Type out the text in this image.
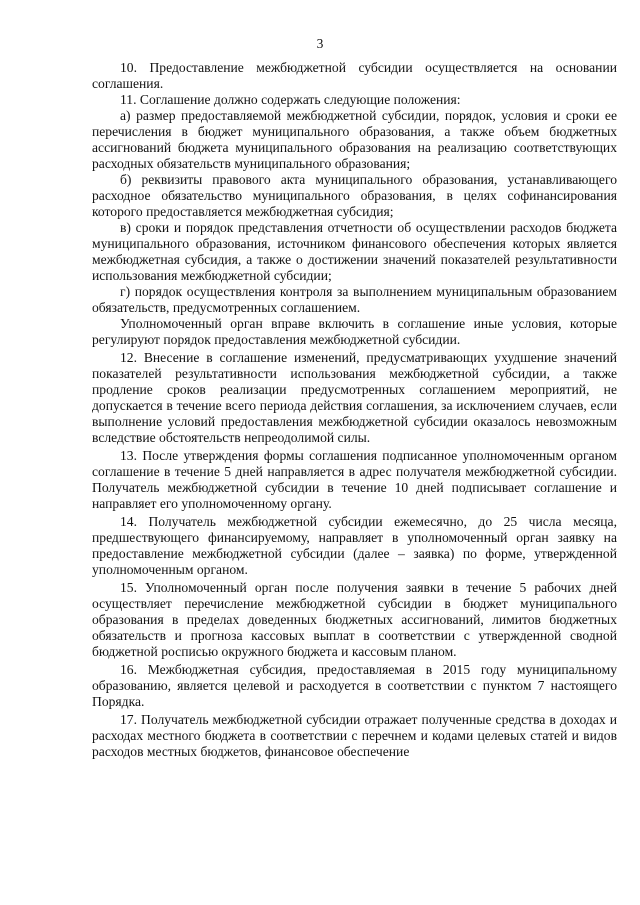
3

10. Предоставление межбюджетной субсидии осуществляется на основании соглашения.

11. Соглашение должно содержать следующие положения:

а) размер предоставляемой межбюджетной субсидии, порядок, условия и сроки ее перечисления в бюджет муниципального образования, а также объем бюджетных ассигнований бюджета муниципального образования на реализацию соответствующих расходных обязательств муниципального образования;

б) реквизиты правового акта муниципального образования, устанавливающего расходное обязательство муниципального образования, в целях софинансирования которого предоставляется межбюджетная субсидия;

в) сроки и порядок представления отчетности об осуществлении расходов бюджета муниципального образования, источником финансового обеспечения которых является межбюджетная субсидия, а также о достижении значений показателей результативности использования межбюджетной субсидии;

г) порядок осуществления контроля за выполнением муниципальным образованием обязательств, предусмотренных соглашением.

Уполномоченный орган вправе включить в соглашение иные условия, которые регулируют порядок предоставления межбюджетной субсидии.

12. Внесение в соглашение изменений, предусматривающих ухудшение значений показателей результативности использования межбюджетной субсидии, а также продление сроков реализации предусмотренных соглашением мероприятий, не допускается в течение всего периода действия соглашения, за исключением случаев, если выполнение условий предоставления межбюджетной субсидии оказалось невозможным вследствие обстоятельств непреодолимой силы.

13. После утверждения формы соглашения подписанное уполномоченным органом соглашение в течение 5 дней направляется в адрес получателя межбюджетной субсидии. Получатель межбюджетной субсидии в течение 10 дней подписывает соглашение и направляет его уполномоченному органу.

14. Получатель межбюджетной субсидии ежемесячно, до 25 числа месяца, предшествующего финансируемому, направляет в уполномоченный орган заявку на предоставление межбюджетной субсидии (далее – заявка) по форме, утвержденной уполномоченным органом.

15. Уполномоченный орган после получения заявки в течение 5 рабочих дней осуществляет перечисление межбюджетной субсидии в бюджет муниципального образования в пределах доведенных бюджетных ассигнований, лимитов бюджетных обязательств и прогноза кассовых выплат в соответствии с утвержденной сводной бюджетной росписью окружного бюджета и кассовым планом.

16. Межбюджетная субсидия, предоставляемая в 2015 году муниципальному образованию, является целевой и расходуется в соответствии с пунктом 7 настоящего Порядка.

17. Получатель межбюджетной субсидии отражает полученные средства в доходах и расходах местного бюджета в соответствии с перечнем и кодами целевых статей и видов расходов местных бюджетов, финансовое обеспечение
